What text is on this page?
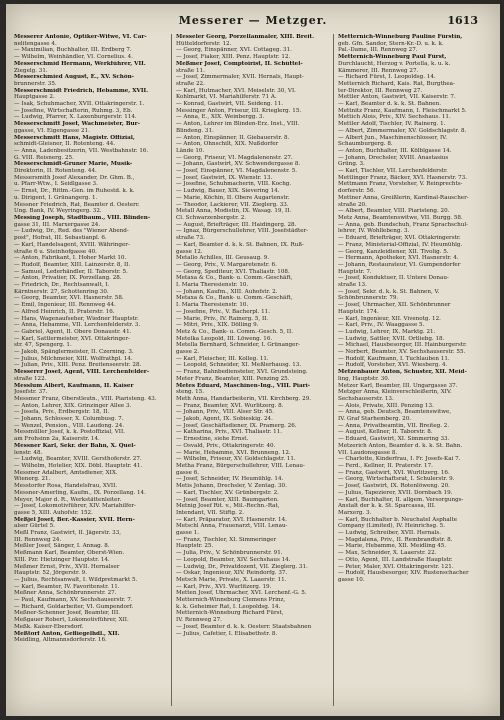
Messerer — Metzger.	1613
Messerer Antonie, Optiker-Witwe, VI. Car-
nelitengasse 4.
— Maximilian, Buchhalter, III. Erdberg 7.
— Wilhelm, Weinhändler, VI. Cornelius. 4.
Messerschmid Hermann, Werkführer, VII.
Ziegelg. 31.
Messerschmied August, E., XV. Schön-
brunnerstr. 35.
Messerschmidt Friedrich, Hebamme, XVII.
Hauptgasse 2.
— Isak, Schuhmacher, XVII. Ottakringerstr. 1.
— Josefine, Wirtschafterin, Ruhmg. 3, Eb.
— Ludwig, Pfarrer, X. Laxenburgerstr. 114.
Messerschmitt Josef, Wachmeister, Bur-
ggasse, VI. Eigengasse 21.
Messerschmitt Hans, Magistr. Offizial,
schmidt-Gleisner, II. Rotenteng. 44.
— Anna, Ladenbesitzerin, VII. Westbahnstr. 16.
G. VIII. Reisnerg. 25.
Messerschmidt-Gruner Marie, Musik-
Direktorin, II. Rotenteng. 44.
Messersmith Josef Alexander, Dr. Ghm. B.,
u. Pfarr-Wtw., I. Seidlgasse 3.
— Ernst, Dr., Rittm.-Gen. im Ruhestd. k. k.
u. Dirigent, I. Grünangerg. 1.
Messner Friedrich, Rat, Beamter d. Oesterr.
Ung. Bank, IV. Weyringerg. 32.
Messing Joseph, Stadtbaum., VIII. Blinden-
gasse 31, III. Marxergasse 24.
— Ludwig, Dr., Red. des "Wiener Abend-
post", Hofrat, III. Sebastianpl. 6.
— Karl, Handelsagent, XVIII. Währinger-
straße 6 u. Steinhofgasse 40.
— Anton, Fabrikant, I. Hoher Markt 10.
— Rudolf, Beamter, XIII. Lainzerstr. 8, II.
— Samuel, Lederhändler, II. Taborstr. 5.
— Anton, Privatier, IX. Porzellang. 28.
— Friedrich, Dr., Rechtsanwalt, I.
Kärntnerstr. 27, Schottenring 30.
— Georg, Beamter, XVI. Hasnerstr. 58.
— Emil, Ingenieur, III. Rennweg 44.
— Alfred Heinrich, II. Praterstr. 16.
— Hans, Wagenaufseher, Wiedner Hauptstr.
— Anna, Hebamme, VII. Lerchenfelderstr. 3.
— Gabriel, Agent, II. Obere Donaustr. 41.
— Karl, Sattlermeister, XVI. Ottakringer-
str. 47, Spengerg. 1.
— Jakob, Spänglermeister, II. Czerning. 3.
— Julius, Milchmeier, XIII. Wolfrathpl. 14.
— Julian, Priv., XIII. Penz. Breitenseerstr. 28.
Messerer Josef, Agent, VIII. Lerchenfelder-
straße 122.
Messlum Albert, Kaufmann, II. Kaiser
Josefstr. 37.
Messmer Franz, Oberstleutn., VIII. Piaristeng. 43.
— Anton, Lehrer, XIX. Grinzinger Allee 3.
— Josefa, Priv., Erdbergstr. 18, II.
— Johann, Schlosser, X. Columbusg. 7.
— Wenzel, Pension., VIII. Laudong. 24.
Messmüller Josef, k. k. Postoffizial, VII.
am Frohsinn 2a, Kaiserstr. 14.
Messner Karl, Sekr. der Bahn, X. Quel-
lenstr. 48.
— Ludwig, Beamter, XVIII. Gersthoferstr. 27.
— Wilhelm, Hotelier, XIX. Döbl. Hauptstr. 41.
Messmer Adalbert, Amtsdiener, XIX.
Wienerg. 21.
Messtorfer Rosa, Handelsfrau, XVII.
Messner-Amerling, Kaufm., IX. Porzellang. 14.
Meyer, Major d. R., Werkstättenleiter.
— Josef, Lokomotivführer, XIV. Mariahilfer-
gasse 5, XIII. Auhofstr. 152.
Meßjel Josef, Ber.-Kassier, XVII. Hern-
alser Gürtel 5.
Meßl Franz, Gastwirt, II. Jägerstr. 33,
III. Rennweg 24.
Meßler Josef, Sänger, I. Annag. 8.
Meßmann Karl, Beamter, Oberst-Wien.
XIII. Pzr. Hietzinger Hauptstr. 14.
Meßmer Ernst, Priv., XVII. Hernalser
Hauptstr. 52, Jörgerstr. 9.
— Julius, Rechtsanwalt, I. Wildpretmarkt 5.
— Karl, Beamter, IV. Favoritenstr. 11.
Meßner Anna, Schönbrunnerstr. 27.
— Paul, Kaufmann, XV. Sechshauserstr. 7.
— Richard, Goldarbeiter, VI. Gumpendorf.
Meßner-Schenner Josef, Beamter, III.
Meßgauer Robert, Lokomotivführer, XII.
Meßk. Kaiser-Ebersdorf.
Meßtorf Anton, Gefliegelhdl., XII.
Meidling, Altmannsdorferstr. 16.
Messeler Georg, Porzellanmaler, XIII. Breit.
Hütteldorferstr. 12.
— Georg, Einspänner, XVI. Cottageg. 31.
— Josef, Fiaker, XIII. Penz. Hauptstr. 12.
Meßmer Josef, Comptoirist, II. Schüttel-
straße 11.
— Josef, Zimmermaler, XVII. Hernals, Haupt-
straße 22.
— Karl, Hutmacher, XVI. Meiselstr. 30, VI.
Kohlmarkt, VI. Mariahilferstr. 71 A.
— Konrad, Gastwirt, VII. Seideng. 11.
Messinger Anton, Friseur, III. Krieglerg. 15.
— Anna, E., XIX. Weinbergg. 3.
— Anton, Lehrer im Blinden-Erz. Inst., VIII.
Blindeng. 31.
— Anton, Einspänner, II. Giebauerstr. 8.
— Anton, Ohnschilt, XIX. Nußdorfer
Lände 10.
— Georg, Friseur, VI. Magdalenenstr. 27.
— Johann, Gastwirt, XV. Schwendergasse 8.
— Josef, Einspänner, VI. Magdalenenstr. 5.
— Josef, Gastwirt, IX. Wienstr. 13.
— Josefine, Schuhmacherin, VIII. Kochg.
— Ludwig, Bauer, XIX. Sievering 14.
— Marie, Köchin, II. Obere Augartenstr.
— Theodor, Lackierer, VII. Zieglerg. 33.
Metall Anna, Modistin, IX. Wasag. 19, II.
Cl. Schwarzenbergstr. 2.
— August, Briefträger, III. Haidingerg. 28.
— Ignaz, Bürgerschullehrer, VIII. Josefstädter-
straße 73.
— Karl, Beamter d. k. k. St. Bahnen, IX. Ruß-
gasse 12.
Metallo Achilles, III. Geusaug. 9.
— Georg, Priv., V. Margaretenstr. 6.
— Georg, Spediteur, XVI. Thaliastr. 108.
Metaxa & Co., Bank- u. Comm.-Geschäft,
I. Maria Theresienstr. 10.
— Johann, Kaufm., XIII. Auhofstr. 2.
Metaxa & Co., Bank- u. Comm.-Geschäft,
I. Maria Theresienstr. 10.
— Josefine, Priv., V. Bacherpl. 11.
— Marie, Priv., IV. Rainerg. 5, II.
— Mitri, Priv., XIX. Dölling 9.
Metz & Co., Bank- u. Comm.-Gesch. 5, II.
Metelka Leopold, III. Löweng. 16.
Metella Bernhard, Schneider, I. Grünanger-
gasse 2.
— Karl, Fleischer, III. Kolleg. 11.
— Leopold, Schneider, XI. Meßlerhausg. 13.
— Franz, Bahnbediensteter, XVI. Grundsteing.
Meter Franz, Beamter, XIII. Penzing 25.
Metes Eduard, Maschinen-Ing., VIII. Piari-
steng. 15.
Meth Anna, Handarbeiterin, VII. Kirchberg. 29.
— Franz, Beamter, XVI. Wurlitzerg. 8.
— Johann, Priv., VIII. Alser Str. 45.
— Jakob, Agent, IX. Sobieskig. 24.
— Josef, Geschäftsdiener, IX. Pramerg. 26.
— Katharina, Priv., XVI. Thaliastr. 11.
— Ernestine, siehe Ernst.
— Osvald, Priv., Ottakringerstr. 40.
— Marie, Hebamme, XVI. Brunneng. 12.
— Wilhelm, Friseur, XV. Goldschlagstr. 11.
Metha Franz, Bürgerschullehrer, VIII. Lenau-
gasse 6.
— Josef, Schneider, IV. Heumühlg. 14.
Metis Johann, Drechsler, V. Zentag. 30.
— Karl, Tischler, XV. Grünbergstr. 2.
— Josef, Beamter, XIII. Baumgarten.
Metnig Josef Rit. v., Mil.-Rechn.-Rat,
Intendant, VII. Stiftg. 2.
— Karl, Präparator, XVI. Hasnerstr. 14.
Metschl Anna, Frauenarzt, VIII. Lenau-
gasse 1.
— Franz, Tischler, XI. Simmeringer
Hauptstr. 25.
— Julia, Priv., V. Schönbrunnerstr. 91.
— Leopold, Beamter, XIV. Sechshaus 14.
— Ludwig, Dr., Privatdozent, VII. Zieglerg. 31.
— Oskar, Ingenieur, XIV. Reindorfg. 37.
Metsch Marie, Private, X. Laaerstr. 11.
— Karl, Priv., XVI. Wurlitzerg. 19.
Metten Josef, Uhrmacher, XVI. Lerchenf.-G. 5.
Metternich-Winneburg Clemens Prinz,
k. k. Geheimer Rat, I. Leopoldsg. 14.
Metternich-Winneburg Richard Fürst,
IV. Rennweg 27.
— Josef, Beamter d. k. k. Oesterr. Staatsbahnen
— Julius, Cafetier, I. Elisabethstr. 8.
Metternich-Winneburg Pauline Fürstin,
geb. Gfn. Sandor, Stern-Kr.-D. u. k. k.
Pal.-Dame, III. Rennweg 27.
Metternich-Winneburg Paul Fürst,
Durchlaucht, Herzog v. Portella, k. u. k.
Kämmerer, III. Rennweg 27.
— Richard Fürst, I. Leopoldsg. 14.
Metternich Richard, Kais. Rat, Burgthea-
ter-Direktor, III. Rennweg 27.
Mettler Anton, Gastwirt, VII. Kaiserstr. 7.
— Karl, Beamter d. k. k. St. Bahnen.
Mettnitz Franz, Kaufmann, I. Fleischmarkt 5.
Mettich Alois, Priv., XIV. Sechshaus. 11.
Mettler Adolf, Tischler, IV. Rainerg. 1.
— Albert, Zimmermaler, XV. Goldschlagstr. 8.
— Albert Jun., Maschinenschlosser, IV.
Schaumburgerg. 8.
— Anton, Buchhalter, III. Kölblgasse 14.
— Johann, Drechsler, XVIII. Anastasius
Grüng. 3.
— Karl, Tischler, VII. Lerchenfelderstr.
Mettlinger Franz, Bäcker, XVI. Hasnerstr. 73.
Mettmann Franz, Vorsteher, V. Reinprechts-
dorferstr. 56.
Mettner Anna, Greißlerin, Kardinal-Rauscher-
straße 20.
— Albert, Beamter, VIII. Piaristeng. 20.
Metz Anna, Beamtenswitwe, VII. Burgg. 58.
— Anna, geb. Bundschuh, Franz Sprachschul-
lehrer, IV. Wohllebeng. 3.
— Eduard, Briefträger, XVI. Ottakringerstr.
— Franz, Ministerial-Offizial, IV. Heumühlg.
— Georg, Kanzleidiener, XII. Tivolig. 5.
— Hermann, Apotheker, XVI. Hasnerstr. 4.
— Johann, Restaurateur, VI. Gumpendorfer
Hauptstr. 7.
— Josef, Konduktuer, II. Untere Donau-
straße 13.
— Josef, Sekr. d. k. k. St. Bahnen, V.
Schönbrunnerstr. 79.
— Josef, Uhrmacher, XII. Schönbrunner
Hauptstr. 174.
— Karl, Ingenieur, XII. Vivenotg. 12.
— Karl, Priv., IV. Waaggasse 5.
— Ludwig, Lehrer, IX. Marktg. 21.
— Ludwig, Sattler, XVII. Ortliebg. 18.
— Michael, Hausbesorger, III. Hainburgerstr.
— Norbert, Beamter, XV. Sechshauserstr. 55.
— Rudolf, Kaufmann, I. Tuchlauben 11.
— Rudolf, Vorsteher, XVI. Wiesberg. 4.
Metzenbauer Anton, Schuster, XII. Meid-
ling, Hauptstr. 30.
Metzer Karl, Beamter, III. Ungargasse 37.
Metzger Anna, Kleinverschleißerin, XIV.
Sechshauserstr. 13.
— Alois, Private, XIII. Penzing 13.
— Anna, geb. Deutsch, Beamtenswitwe,
IV. Graf Starhemberg. 20.
— Anna, Privatbeamtin, VII. Breiteg. 2.
— August, Kellner, II. Taborstr. 8.
— Eduard, Gastwirt, XI. Simmering 33.
Metzerich Anton, Beamter d. k. k. St. Bahn.
VII. Laudonsgasse 8.
— Charlotte, Kinderfrau, I. Fr. Josefs-Kai 7.
— Ferd., Kellner, II. Praterstr. 17.
— Franz, Gastwirt, XVI. Wurlitzerg. 16.
— Georg, Wirtschaftsrat, I. Schulerstr. 9.
— Josef, Gastwirt, IX. Rotenlöweng. 20.
— Julius, Tapezierer, XVII. Dornbach 19.
— Karl, Buchhalter, II. allgem. Versorgungs-
Anstalt der k. k. St. Sparcassa, III.
Marxerg. 3.
— Karl, Buchhalter b. Neuchatel Asphalte
Company (Limited), IV. Heinrichsg. 5.
— Ludwig, Schreiber, XVII. Hernals.
— Magdalena, Priv., II. Rembrandtstr. 8.
— Marie, Hebamme, XII. Meidling 45.
— Max, Schneider, X. Laaerstr. 22.
— Otto, Agent, III. Landstraße Hauptstr.
— Peter, Maler, XVI. Ottakringerstr. 121.
— Rudolf, Hausbesorger, XIV. Rustenschacher
gasse 10.
